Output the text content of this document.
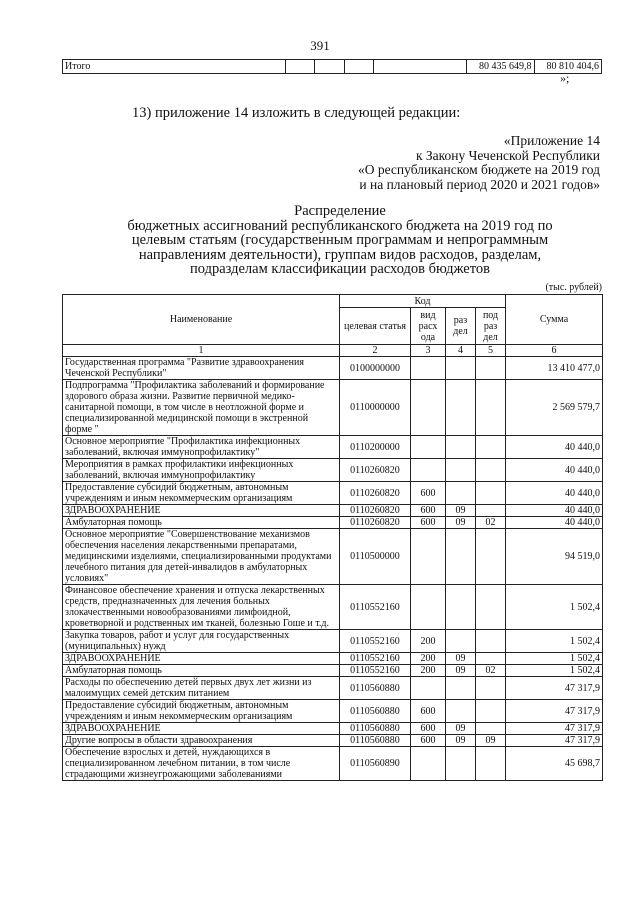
391
Итого					80 435 649,8	80 810 404,6
»;
13) приложение 14 изложить в следующей редакции:
«Приложение 14
к Закону Чеченской Республики
«О республиканском бюджете на 2019 год
и на плановый период 2020 и 2021 годов»
Распределение
бюджетных ассигнований республиканского бюджета на 2019 год по
целевым статьям (государственным программам и непрограммным
направлениям деятельности), группам видов расходов, разделам,
подразделам классификации расходов бюджетов
(тыс. рублей)
Наименование	Код				Сумма
	целевая статья	вид расх ода	раз дел	под раз дел	
1	2	3	4	5	6
Государственная программа "Развитие здравоохранения Чеченской Республики"	0100000000				13 410 477,0
Подпрограмма "Профилактика заболеваний и формирование здорового образа жизни. Развитие первичной медико-санитарной помощи, в том числе в неотложной форме и специализированной медицинской помощи в экстренной форме "	0110000000				2 569 579,7
Основное мероприятие "Профилактика инфекционных заболеваний, включая иммунопрофилактику"	0110200000				40 440,0
Мероприятия в рамках профилактики инфекционных заболеваний, включая иммунопрофилактику	0110260820				40 440,0
Предоставление субсидий бюджетным, автономным учреждениям и иным некоммерческим организациям	0110260820	600			40 440,0
ЗДРАВООХРАНЕНИЕ	0110260820	600	09		40 440,0
Амбулаторная помощь	0110260820	600	09	02	40 440,0
Основное мероприятие "Совершенствование механизмов обеспечения населения лекарственными препаратами, медицинскими изделиями, специализированными продуктами лечебного питания для детей-инвалидов в амбулаторных условиях"	0110500000				94 519,0
Финансовое обеспечение хранения и отпуска лекарственных средств, предназначенных для лечения больных злокачественными новообразованиями лимфоидной, кроветворной и родственных им тканей, болезнью Гоше и т.д.	0110552160				1 502,4
Закупка товаров, работ и услуг для государственных (муниципальных) нужд	0110552160	200			1 502,4
ЗДРАВООХРАНЕНИЕ	0110552160	200	09		1 502,4
Амбулаторная помощь	0110552160	200	09	02	1 502,4
Расходы по обеспечению детей первых двух лет жизни из малоимущих семей детским питанием	0110560880				47 317,9
Предоставление субсидий бюджетным, автономным учреждениям и иным некоммерческим организациям	0110560880	600			47 317,9
ЗДРАВООХРАНЕНИЕ	0110560880	600	09		47 317,9
Другие вопросы в области здравоохранения	0110560880	600	09	09	47 317,9
Обеспечение взрослых и детей, нуждающихся в специализированном лечебном питании, в том числе страдающими жизнеугрожающими заболеваниями	0110560890				45 698,7
